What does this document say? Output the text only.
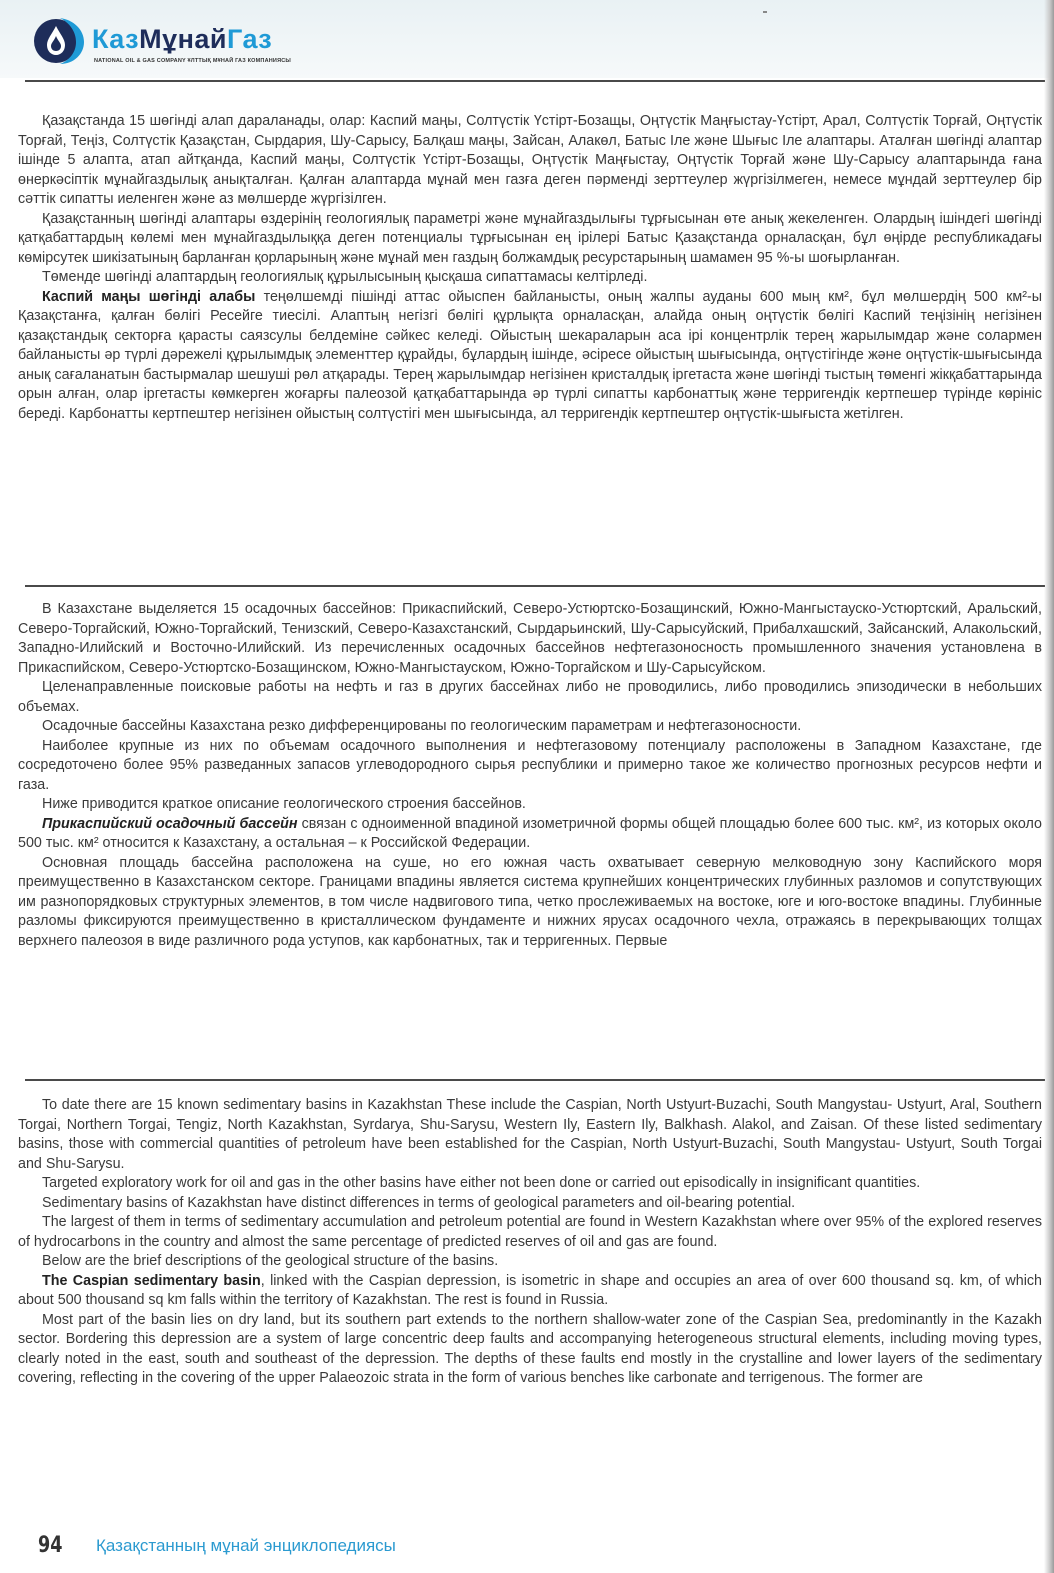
КазМұнайГаз
NATIONAL OIL & GAS COMPANY ҰЛТТЫҚ МҰНАЙ ГАЗ КОМПАНИЯСЫ

Қазақстанда 15 шөгінді алап дараланады, олар: Каспий маңы, Солтүстік Үстірт-Бозащы, Оңтүстік Маңғыстау-Үстірт, Арал, Солтүстік Торғай, Оңтүстік Торғай, Теңіз, Солтүстік Қазақстан, Сырдария, Шу-Сарысу, Балқаш маңы, Зайсан, Алакөл, Батыс Іле және Шығыс Іле алаптары. Аталған шөгінді алаптар ішінде 5 алапта, атап айтқанда, Каспий маңы, Солтүстік Үстірт-Бозащы, Оңтүстік Маңғыстау, Оңтүстік Торғай және Шу-Сарысу алаптарында ғана өнеркәсіптік мұнайгаздылық анықталған. Қалған алаптарда мұнай мен газға деген пәрменді зерттеулер жүргізілмеген, немесе мұндай зерттеулер бір сәттік сипатты иеленген және аз мөлшерде жүргізілген.

Қазақстанның шөгінді алаптары өздерінің геологиялық параметрі және мұнайгаздылығы тұрғысынан өте анық жекеленген. Олардың ішіндегі шөгінді қатқабаттардың көлемі мен мұнайгаздылыққа деген потенциалы тұрғысынан ең ірілері Батыс Қазақстанда орналасқан, бұл өңірде республикадағы көмірсутек шикізатының барланған қорларының және мұнай мен газдың болжамдық ресурстарының шамамен 95 %-ы шоғырланған.

Төменде шөгінді алаптардың геологиялық құрылысының қысқаша сипаттамасы келтірледі.

Каспий маңы шөгінді алабы теңөлшемді пішінді аттас ойыспен байланысты, оның жалпы ауданы 600 мың км², бұл мөлшердің 500 км²-ы Қазақстанға, қалған бөлігі Ресейге тиесілі. Алаптың негізгі бөлігі құрлықта орналасқан, алайда оның оңтүстік бөлігі Каспий теңізінің негізінен қазақстандық секторға қарасты саязсулы белдеміне сәйкес келеді. Ойыстың шекараларын аса ірі концентрлік терең жарылымдар және солармен байланысты әр түрлі дәрежелі құрылымдық элементтер құрайды, бұлардың ішінде, әсіресе ойыстың шығысында, оңтүстігінде және оңтүстік-шығысында анық сағаланатын бастырмалар шешуші рөл атқарады. Терең жарылымдар негізінен кристалдық іргетаста және шөгінді тыстың төменгі жікқабаттарында орын алған, олар іргетасты көмкерген жоғарғы палеозой қатқабаттарында әр түрлі сипатты карбонаттық және терригендік кертпешер түрінде көрініс береді. Карбонатты кертпештер негізінен ойыстың солтүстігі мен шығысында, ал терригендік кертпештер оңтүстік-шығыста жетілген.

В Казахстане выделяется 15 осадочных бассейнов: Прикаспийский, Северо-Устюртско-Бозащинский, Южно-Мангыстауско-Устюртский, Аральский, Северо-Торгайский, Южно-Торгайский, Тенизский, Северо-Казахстанский, Сырдарьинский, Шу-Сарысуйский, Прибалхашский, Зайсанский, Алакольский, Западно-Илийский и Восточно-Илийский. Из перечисленных осадочных бассейнов нефтегазоносность промышленного значения установлена в Прикаспийском, Северо-Устюртско-Бозащинском, Южно-Мангыстауском, Южно-Торгайском и Шу-Сарысуйском.

Целенаправленные поисковые работы на нефть и газ в других бассейнах либо не проводились, либо проводились эпизодически в небольших объемах.

Осадочные бассейны Казахстана резко дифференцированы по геологическим параметрам и нефтегазоносности.

Наиболее крупные из них по объемам осадочного выполнения и нефтегазовому потенциалу расположены в Западном Казахстане, где сосредоточено более 95% разведанных запасов углеводородного сырья республики и примерно такое же количество прогнозных ресурсов нефти и газа.

Ниже приводится краткое описание геологического строения бассейнов.

Прикаспийский осадочный бассейн связан с одноименной впадиной изометричной формы общей площадью более 600 тыс. км², из которых около 500 тыс. км² относится к Казахстану, а остальная – к Российской Федерации.

Основная площадь бассейна расположена на суше, но его южная часть охватывает северную мелководную зону Каспийского моря преимущественно в Казахстанском секторе. Границами впадины является система крупнейших концентрических глубинных разломов и сопутствующих им разнопорядковых структурных элементов, в том числе надвигового типа, четко прослеживаемых на востоке, юге и юго-востоке впадины. Глубинные разломы фиксируются преимущественно в кристаллическом фундаменте и нижних ярусах осадочного чехла, отражаясь в перекрывающих толщах верхнего палеозоя в виде различного рода уступов, как карбонатных, так и терригенных. Первые

To date there are 15 known sedimentary basins in Kazakhstan These include the Caspian, North Ustyurt-Buzachi, South Mangystau- Ustyurt, Aral, Southern Torgai, Northern Torgai, Tengiz, North Kazakhstan, Syrdarya, Shu-Sarysu, Western Ily, Eastern Ily, Balkhash. Alakol, and Zaisan. Of these listed sedimentary basins, those with commercial quantities of petroleum have been established for the Caspian, North Ustyurt-Buzachi, South Mangystau- Ustyurt, South Torgai and Shu-Sarysu.

Targeted exploratory work for oil and gas in the other basins have either not been done or carried out episodically in insignificant quantities.

Sedimentary basins of Kazakhstan have distinct differences in terms of geological parameters and oil-bearing potential.

The largest of them in terms of sedimentary accumulation and petroleum potential are found in Western Kazakhstan where over 95% of the explored reserves of hydrocarbons in the country and almost the same percentage of predicted reserves of oil and gas are found.

Below are the brief descriptions of the geological structure of the basins.

The Caspian sedimentary basin, linked with the Caspian depression, is isometric in shape and occupies an area of over 600 thousand sq. km, of which about 500 thousand sq km falls within the territory of Kazakhstan. The rest is found in Russia.

Most part of the basin lies on dry land, but its southern part extends to the northern shallow-water zone of the Caspian Sea, predominantly in the Kazakh sector. Bordering this depression are a system of large concentric deep faults and accompanying heterogeneous structural elements, including moving types, clearly noted in the east, south and southeast of the depression. The depths of these faults end mostly in the crystalline and lower layers of the sedimentary covering, reflecting in the covering of the upper Palaeozoic strata in the form of various benches like carbonate and terrigenous. The former are

94 Қазақстанның мұнай энциклопедиясы
